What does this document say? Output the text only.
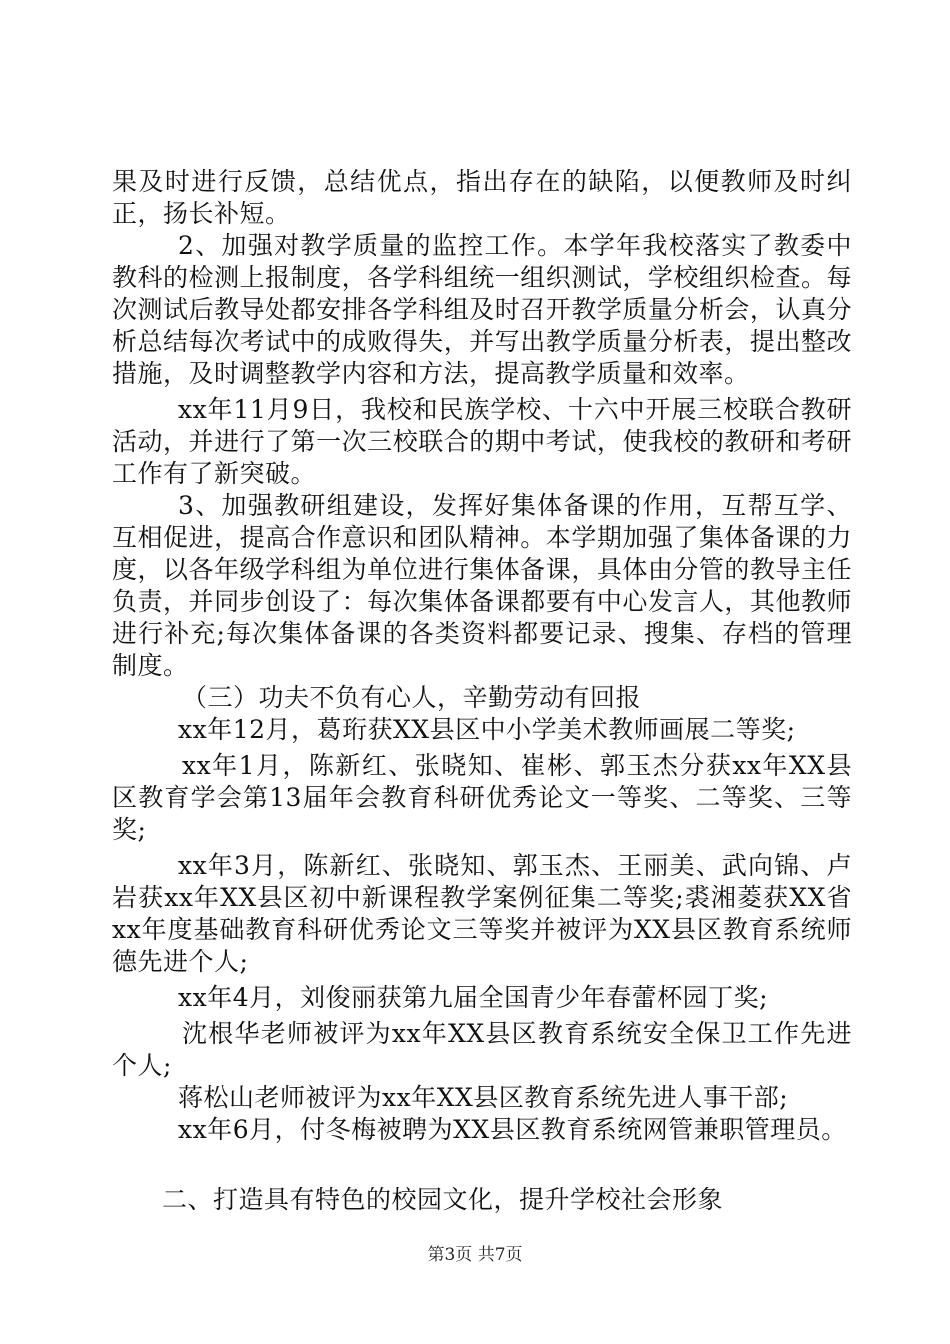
果及时进行反馈，总结优点，指出存在的缺陷，以便教师及时纠正，扬长补短。

2、加强对教学质量的监控工作。本学年我校落实了教委中教科的检测上报制度，各学科组统一组织测试，学校组织检查。每次测试后教导处都安排各学科组及时召开教学质量分析会，认真分析总结每次考试中的成败得失，并写出教学质量分析表，提出整改措施，及时调整教学内容和方法，提高教学质量和效率。

xx年11月9日，我校和民族学校、十六中开展三校联合教研活动，并进行了第一次三校联合的期中考试，使我校的教研和考研工作有了新突破。

3、加强教研组建设，发挥好集体备课的作用，互帮互学、互相促进，提高合作意识和团队精神。本学期加强了集体备课的力度，以各年级学科组为单位进行集体备课，具体由分管的教导主任负责，并同步创设了：每次集体备课都要有中心发言人，其他教师进行补充;每次集体备课的各类资料都要记录、搜集、存档的管理制度。

（三）功夫不负有心人，辛勤劳动有回报

xx年12月，葛珩获XX县区中小学美术教师画展二等奖;

xx年1月，陈新红、张晓知、崔彬、郭玉杰分获xx年XX县区教育学会第13届年会教育科研优秀论文一等奖、二等奖、三等奖;

xx年3月，陈新红、张晓知、郭玉杰、王丽美、武向锦、卢岩获xx年XX县区初中新课程教学案例征集二等奖;裘湘菱获XX省xx年度基础教育科研优秀论文三等奖并被评为XX县区教育系统师德先进个人;

xx年4月，刘俊丽获第九届全国青少年春蕾杯园丁奖;

沈根华老师被评为xx年XX县区教育系统安全保卫工作先进个人;

蒋松山老师被评为xx年XX县区教育系统先进人事干部;

xx年6月，付冬梅被聘为XX县区教育系统网管兼职管理员。

二、打造具有特色的校园文化，提升学校社会形象

第3页 共7页
